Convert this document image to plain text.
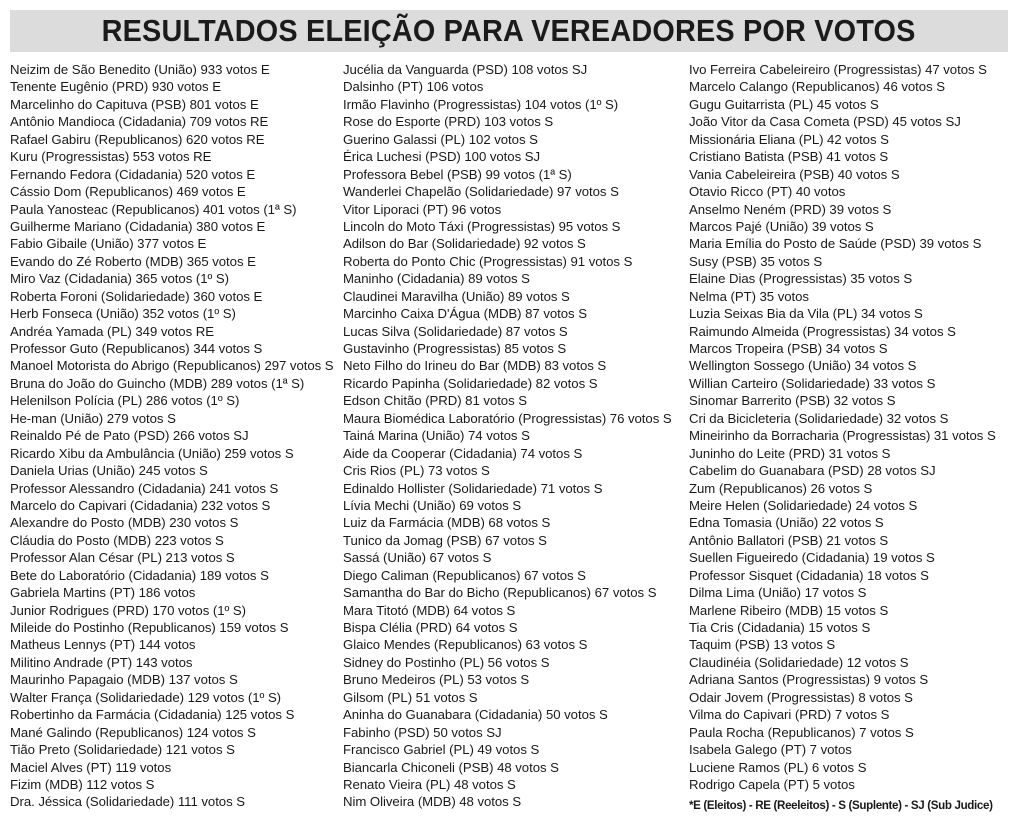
RESULTADOS ELEIÇÃO PARA VEREADORES POR VOTOS
Neizim de São Benedito (União) 933 votos E
Tenente Eugênio (PRD) 930 votos E
Marcelinho do Capituva (PSB) 801 votos E
Antônio Mandioca (Cidadania) 709 votos RE
Rafael Gabiru (Republicanos) 620 votos RE
Kuru (Progressistas) 553 votos RE
Fernando Fedora (Cidadania) 520 votos E
Cássio Dom (Republicanos) 469 votos E
Paula Yanosteac (Republicanos) 401 votos (1ª S)
Guilherme Mariano (Cidadania) 380 votos E
Fabio Gibaile (União) 377 votos E
Evando do Zé Roberto (MDB) 365 votos E
Miro Vaz (Cidadania) 365 votos (1º S)
Roberta Foroni (Solidariedade) 360 votos E
Herb Fonseca (União) 352 votos (1º S)
Andréa Yamada (PL) 349 votos RE
Professor Guto (Republicanos) 344 votos S
Manoel Motorista do Abrigo (Republicanos) 297 votos S
Bruna do João do Guincho (MDB) 289 votos (1ª S)
Helenilson Polícia (PL) 286 votos (1º S)
He-man (União) 279 votos S
Reinaldo Pé de Pato (PSD) 266 votos SJ
Ricardo Xibu da Ambulância (União) 259 votos S
Daniela Urias (União) 245 votos S
Professor Alessandro (Cidadania) 241 votos S
Marcelo do Capivari (Cidadania) 232 votos S
Alexandre do Posto (MDB) 230 votos S
Cláudia do Posto (MDB) 223 votos S
Professor Alan César (PL) 213 votos S
Bete do Laboratório (Cidadania) 189 votos S
Gabriela Martins (PT) 186 votos
Junior Rodrigues (PRD) 170 votos (1º S)
Mileide do Postinho (Republicanos) 159 votos S
Matheus Lennys (PT) 144 votos
Militino Andrade (PT) 143 votos
Maurinho Papagaio (MDB) 137 votos S
Walter França (Solidariedade) 129 votos (1º S)
Robertinho da Farmácia (Cidadania) 125 votos S
Mané Galindo (Republicanos) 124 votos S
Tião Preto (Solidariedade) 121 votos S
Maciel Alves (PT) 119 votos
Fizim (MDB) 112 votos S
Dra. Jéssica (Solidariedade) 111 votos S
Jucélia da Vanguarda (PSD) 108 votos SJ
Dalsinho (PT) 106 votos
Irmão Flavinho (Progressistas) 104 votos (1º S)
Rose do Esporte (PRD) 103 votos S
Guerino Galassi (PL) 102 votos S
Érica Luchesi (PSD) 100 votos SJ
Professora Bebel (PSB) 99 votos (1ª S)
Wanderlei Chapelão (Solidariedade) 97 votos S
Vitor Liporaci (PT) 96 votos
Lincoln do Moto Táxi (Progressistas) 95 votos S
Adilson do Bar (Solidariedade) 92 votos S
Roberta do Ponto Chic (Progressistas) 91 votos S
Maninho (Cidadania) 89 votos S
Claudinei Maravilha (União) 89 votos S
Marcinho Caixa D'Água (MDB) 87 votos S
Lucas Silva (Solidariedade) 87 votos S
Gustavinho (Progressistas) 85 votos S
Neto Filho do Irineu do Bar (MDB) 83 votos S
Ricardo Papinha (Solidariedade) 82 votos S
Edson Chitão (PRD) 81 votos S
Maura Biomédica Laboratório (Progressistas) 76 votos S
Tainá Marina (União) 74 votos S
Aide da Cooperar (Cidadania) 74 votos S
Cris Rios (PL) 73 votos S
Edinaldo Hollister (Solidariedade) 71 votos S
Lívia Mechi (União) 69 votos S
Luiz da Farmácia (MDB) 68 votos S
Tunico da Jomag (PSB) 67 votos S
Sassá (União) 67 votos S
Diego Caliman (Republicanos) 67 votos S
Samantha do Bar do Bicho (Republicanos) 67 votos S
Mara Titotó (MDB) 64 votos S
Bispa Clélia (PRD) 64 votos S
Glaico Mendes (Republicanos) 63 votos S
Sidney do Postinho (PL) 56 votos S
Bruno Medeiros (PL) 53 votos S
Gilsom (PL) 51 votos S
Aninha do Guanabara (Cidadania) 50 votos S
Fabinho (PSD) 50 votos SJ
Francisco Gabriel (PL) 49 votos S
Biancarla Chiconeli (PSB) 48 votos S
Renato Vieira (PL) 48 votos S
Nim Oliveira (MDB) 48 votos S
Ivo Ferreira Cabeleireiro (Progressistas) 47 votos S
Marcelo Calango (Republicanos) 46 votos S
Gugu Guitarrista (PL) 45 votos S
João Vitor da Casa Cometa (PSD) 45 votos SJ
Missionária Eliana (PL) 42 votos S
Cristiano Batista (PSB) 41 votos S
Vania Cabeleireira (PSB) 40 votos S
Otavio Ricco (PT) 40 votos
Anselmo Neném (PRD) 39 votos S
Marcos Pajé (União) 39 votos S
Maria Emília do Posto de Saúde (PSD) 39 votos S
Susy (PSB) 35 votos S
Elaine Dias (Progressistas) 35 votos S
Nelma (PT) 35 votos
Luzia Seixas Bia da Vila (PL) 34 votos S
Raimundo Almeida (Progressistas) 34 votos S
Marcos Tropeira (PSB) 34 votos S
Wellington Sossego (União) 34 votos S
Willian Carteiro (Solidariedade) 33 votos S
Sinomar Barrerito (PSB) 32 votos S
Cri da Bicicleteria (Solidariedade) 32 votos S
Mineirinho da Borracharia (Progressistas) 31 votos S
Juninho do Leite (PRD) 31 votos S
Cabelim do Guanabara (PSD) 28 votos SJ
Zum (Republicanos) 26 votos S
Meire Helen (Solidariedade) 24 votos S
Edna Tomasia (União) 22 votos S
Antônio Ballatori (PSB) 21 votos S
Suellen Figueiredo (Cidadania) 19 votos S
Professor Sisquet (Cidadania) 18 votos S
Dilma Lima (União) 17 votos S
Marlene Ribeiro (MDB) 15 votos S
Tia Cris (Cidadania) 15 votos S
Taquim (PSB) 13 votos S
Claudinéia (Solidariedade) 12 votos S
Adriana Santos (Progressistas) 9 votos S
Odair Jovem (Progressistas) 8 votos S
Vilma do Capivari (PRD) 7 votos S
Paula Rocha (Republicanos) 7 votos S
Isabela Galego (PT) 7 votos
Luciene Ramos (PL) 6 votos S
Rodrigo Capela (PT) 5 votos
*E (Eleitos) - RE (Reeleitos) - S (Suplente) - SJ (Sub Judice)
